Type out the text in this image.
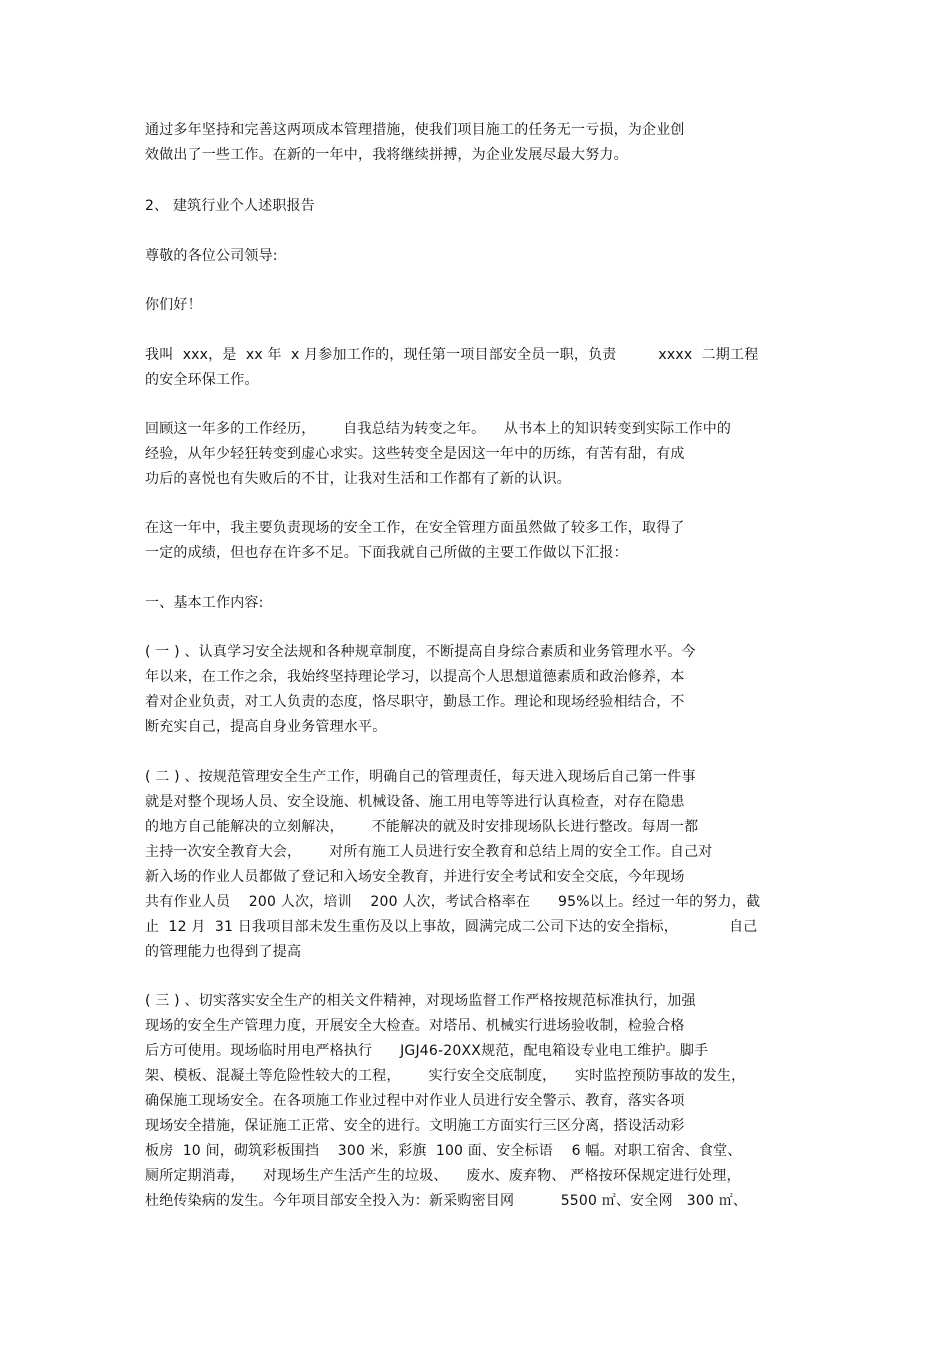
通过多年坚持和完善这两项成本管理措施，使我们项目施工的任务无一亏损，为企业创
效做出了一些工作。在新的一年中，我将继续拼搏，为企业发展尽最大努力。
2、 建筑行业个人述职报告
尊敬的各位公司领导:
你们好！
我叫  xxx，是  xx 年  x 月参加工作的，现任第一项目部安全员一职，负责         xxxx  二期工程
的安全环保工作。
回顾这一年多的工作经历，      自我总结为转变之年。    从书本上的知识转变到实际工作中的
经验，从年少轻狂转变到虚心求实。这些转变全是因这一年中的历练，有苦有甜，有成
功后的喜悦也有失败后的不甘，让我对生活和工作都有了新的认识。
在这一年中，我主要负责现场的安全工作，在安全管理方面虽然做了较多工作，取得了
一定的成绩，但也存在许多不足。下面我就自己所做的主要工作做以下汇报：
一、基本工作内容:
( 一 ) 、认真学习安全法规和各种规章制度，不断提高自身综合素质和业务管理水平。今
年以来，在工作之余，我始终坚持理论学习，以提高个人思想道德素质和政治修养，本
着对企业负责，对工人负责的态度，恪尽职守，勤恳工作。理论和现场经验相结合，不
断充实自己，提高自身业务管理水平。
( 二 ) 、按规范管理安全生产工作，明确自己的管理责任，每天进入现场后自己第一件事
就是对整个现场人员、安全设施、机械设备、施工用电等等进行认真检查，对存在隐患
的地方自己能解决的立刻解决，      不能解决的就及时安排现场队长进行整改。每周一都
主持一次安全教育大会，      对所有施工人员进行安全教育和总结上周的安全工作。自己对
新入场的作业人员都做了登记和入场安全教育，并进行安全考试和安全交底，今年现场
共有作业人员    200 人次，培训    200 人次，考试合格率在      95%以上。经过一年的努力，截
止  12 月  31 日我项目部未发生重伤及以上事故，圆满完成二公司下达的安全指标，           自己
的管理能力也得到了提高
( 三 ) 、切实落实安全生产的相关文件精神，对现场监督工作严格按规范标准执行，加强
现场的安全生产管理力度，开展安全大检查。对塔吊、机械实行进场验收制，检验合格
后方可使用。现场临时用电严格执行      JGJ46-20XX规范，配电箱设专业电工维护。脚手
架、模板、混凝土等危险性较大的工程，      实行安全交底制度，    实时监控预防事故的发生，
确保施工现场安全。在各项施工作业过程中对作业人员进行安全警示、教育，落实各项
现场安全措施，保证施工正常、安全的进行。文明施工方面实行三区分离，搭设活动彩
板房  10 间，砌筑彩板围挡    300 米，彩旗  100 面、安全标语    6 幅。对职工宿舍、食堂、
厕所定期消毒，    对现场生产生活产生的垃圾、    废水、废弃物、 严格按环保规定进行处理，
杜绝传染病的发生。今年项目部安全投入为：新采购密目网          5500 ㎡、安全网   300 ㎡、
